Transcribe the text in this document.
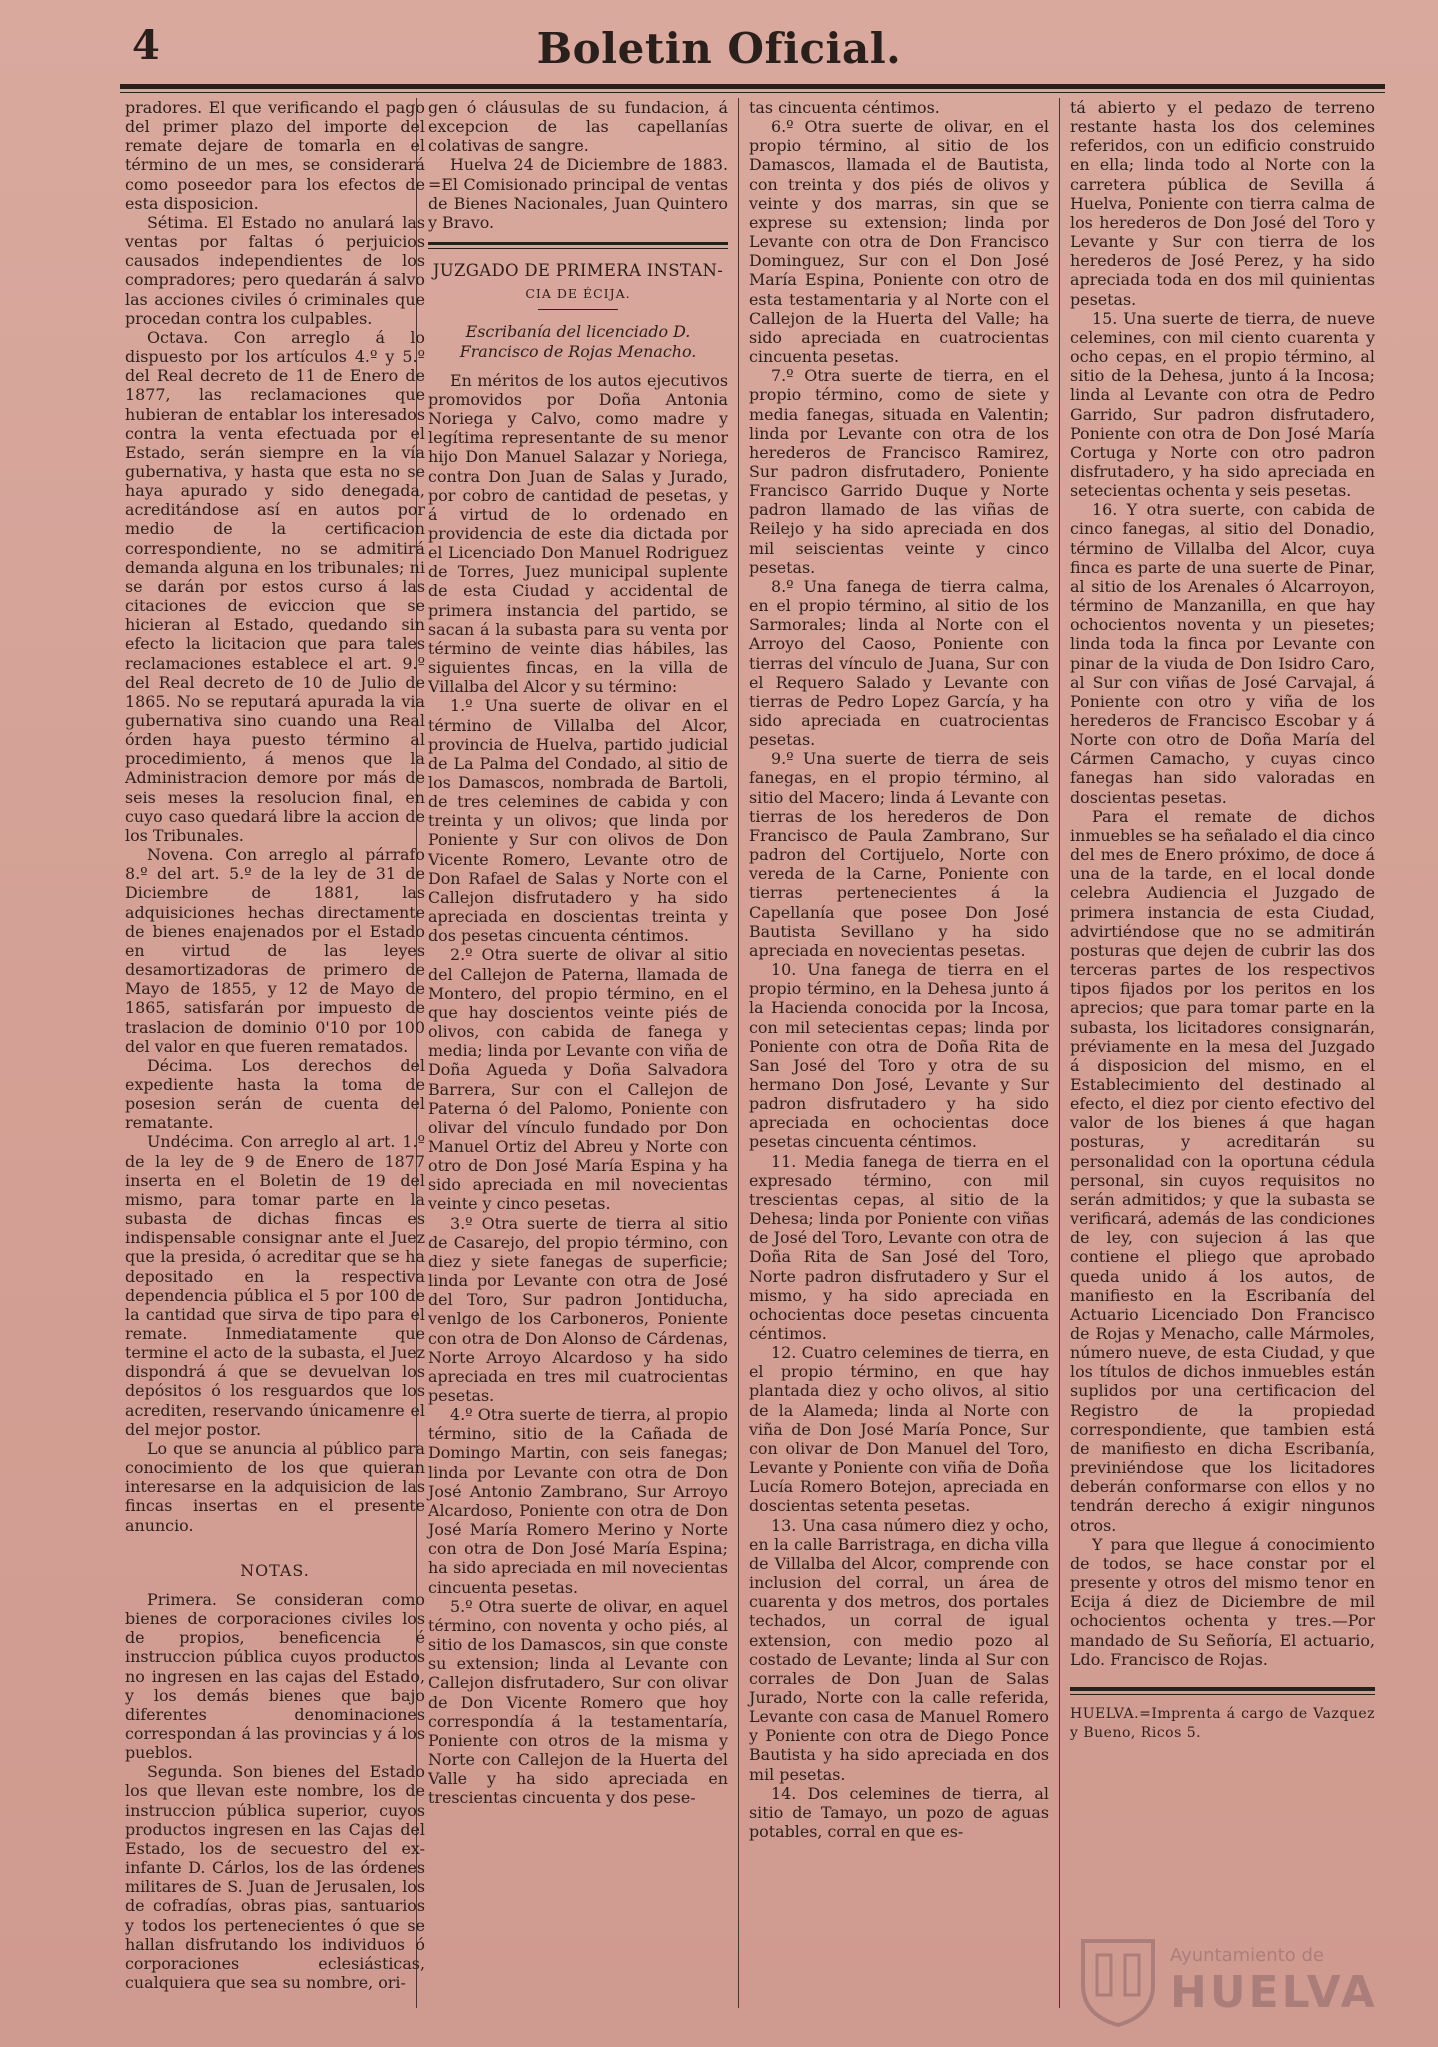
4	Boletin Oficial.

pradores. El que verificando el pago del primer plazo del importe del remate dejare de tomarla en el término de un mes, se considerará como poseedor para los efectos de esta disposicion.

Sétima. El Estado no anulará las ventas por faltas ó perjuicios causados independientes de los compradores; pero quedarán á salvo las acciones civiles ó criminales que procedan contra los culpables.

Octava. Con arreglo á lo dispuesto por los artículos 4.º y 5.º del Real decreto de 11 de Enero de 1877, las reclamaciones que hubieran de entablar los interesados contra la venta efectuada por el Estado, serán siempre en la vía gubernativa, y hasta que esta no se haya apurado y sido denegada, acreditándose así en autos por medio de la certificacion correspondiente, no se admitirá demanda alguna en los tribunales; ni se darán por estos curso á las citaciones de eviccion que se hicieran al Estado, quedando sin efecto la licitacion que para tales reclamaciones establece el art. 9.º del Real decreto de 10 de Julio de 1865. No se reputará apurada la via gubernativa sino cuando una Real órden haya puesto término al procedimiento, á menos que la Administracion demore por más de seis meses la resolucion final, en cuyo caso quedará libre la accion de los Tribunales.

Novena. Con arreglo al párrafo 8.º del art. 5.º de la ley de 31 de Diciembre de 1881, las adquisiciones hechas directamente de bienes enajenados por el Estado en virtud de las leyes desamortizadoras de primero de Mayo de 1855, y 12 de Mayo de 1865, satisfarán por impuesto de traslacion de dominio 0'10 por 100 del valor en que fueren rematados.

Décima. Los derechos del expediente hasta la toma de posesion serán de cuenta del rematante.

Undécima. Con arreglo al art. 1.º de la ley de 9 de Enero de 1877 inserta en el Boletin de 19 del mismo, para tomar parte en la subasta de dichas fincas es indispensable consignar ante el Juez que la presida, ó acreditar que se ha depositado en la respectiva dependencia pública el 5 por 100 de la cantidad que sirva de tipo para el remate. Inmediatamente que termine el acto de la subasta, el Juez dispondrá á que se devuelvan los depósitos ó los resguardos que los acrediten, reservando únicamenre el del mejor postor.

Lo que se anuncia al público para conocimiento de los que quieran interesarse en la adquisicion de las fincas insertas en el presente anuncio.

NOTAS.

Primera. Se consideran como bienes de corporaciones civiles los de propios, beneficencia é instruccion pública cuyos productos no ingresen en las cajas del Estado, y los demás bienes que bajo diferentes denominaciones correspondan á las provincias y á los pueblos.

Segunda. Son bienes del Estado los que llevan este nombre, los de instruccion pública superior, cuyos productos ingresen en las Cajas del Estado, los de secuestro del ex-infante D. Cárlos, los de las órdenes militares de S. Juan de Jerusalen, los de cofradías, obras pias, santuarios y todos los pertenecientes ó que se hallan disfrutando los individuos ó corporaciones eclesiásticas, cualquiera que sea su nombre, ori-

gen ó cláusulas de su fundacion, á excepcion de las capellanías colativas de sangre.

Huelva 24 de Diciembre de 1883. =El Comisionado principal de ventas de Bienes Nacionales, Juan Quintero y Bravo.

JUZGADO DE PRIMERA INSTAN-
CIA DE ÉCIJA.

Escribanía del licenciado D. Francisco de Rojas Menacho.

En méritos de los autos ejecutivos promovidos por Doña Antonia Noriega y Calvo, como madre y legítima representante de su menor hijo Don Manuel Salazar y Noriega, contra Don Juan de Salas y Jurado, por cobro de cantidad de pesetas, y á virtud de lo ordenado en providencia de este dia dictada por el Licenciado Don Manuel Rodriguez de Torres, Juez municipal suplente de esta Ciudad y accidental de primera instancia del partido, se sacan á la subasta para su venta por término de veinte dias hábiles, las siguientes fincas, en la villa de Villalba del Alcor y su término:

1.º Una suerte de olivar en el término de Villalba del Alcor, provincia de Huelva, partido judicial de La Palma del Condado, al sitio de los Damascos, nombrada de Bartoli, de tres celemines de cabida y con treinta y un olivos; que linda por Poniente y Sur con olivos de Don Vicente Romero, Levante otro de Don Rafael de Salas y Norte con el Callejon disfrutadero y ha sido apreciada en doscientas treinta y dos pesetas cincuenta céntimos.

2.º Otra suerte de olivar al sitio del Callejon de Paterna, llamada de Montero, del propio término, en el que hay doscientos veinte piés de olivos, con cabida de fanega y media; linda por Levante con viña de Doña Agueda y Doña Salvadora Barrera, Sur con el Callejon de Paterna ó del Palomo, Poniente con olivar del vínculo fundado por Don Manuel Ortiz del Abreu y Norte con otro de Don José María Espina y ha sido apreciada en mil novecientas veinte y cinco pesetas.

3.º Otra suerte de tierra al sitio de Casarejo, del propio término, con diez y siete fanegas de superficie; linda por Levante con otra de José del Toro, Sur padron Jontiducha, venlgo de los Carboneros, Poniente con otra de Don Alonso de Cárdenas, Norte Arroyo Alcardoso y ha sido apreciada en tres mil cuatrocientas pesetas.

4.º Otra suerte de tierra, al propio término, sitio de la Cañada de Domingo Martin, con seis fanegas; linda por Levante con otra de Don José Antonio Zambrano, Sur Arroyo Alcardoso, Poniente con otra de Don José María Romero Merino y Norte con otra de Don José María Espina; ha sido apreciada en mil novecientas cincuenta pesetas.

5.º Otra suerte de olivar, en aquel término, con noventa y ocho piés, al sitio de los Damascos, sin que conste su extension; linda al Levante con Callejon disfrutadero, Sur con olivar de Don Vicente Romero que hoy correspondía á la testamentaría, Poniente con otros de la misma y Norte con Callejon de la Huerta del Valle y ha sido apreciada en trescientas cincuenta y dos pese-

tas cincuenta céntimos.

6.º Otra suerte de olivar, en el propio término, al sitio de los Damascos, llamada el de Bautista, con treinta y dos piés de olivos y veinte y dos marras, sin que se exprese su extension; linda por Levante con otra de Don Francisco Dominguez, Sur con el Don José María Espina, Poniente con otro de esta testamentaria y al Norte con el Callejon de la Huerta del Valle; ha sido apreciada en cuatrocientas cincuenta pesetas.

7.º Otra suerte de tierra, en el propio término, como de siete y media fanegas, situada en Valentin; linda por Levante con otra de los herederos de Francisco Ramirez, Sur padron disfrutadero, Poniente Francisco Garrido Duque y Norte padron llamado de las viñas de Reilejo y ha sido apreciada en dos mil seiscientas veinte y cinco pesetas.

8.º Una fanega de tierra calma, en el propio término, al sitio de los Sarmorales; linda al Norte con el Arroyo del Caoso, Poniente con tierras del vínculo de Juana, Sur con el Requero Salado y Levante con tierras de Pedro Lopez García, y ha sido apreciada en cuatrocientas pesetas.

9.º Una suerte de tierra de seis fanegas, en el propio término, al sitio del Macero; linda á Levante con tierras de los herederos de Don Francisco de Paula Zambrano, Sur padron del Cortijuelo, Norte con vereda de la Carne, Poniente con tierras pertenecientes á la Capellanía que posee Don José Bautista Sevillano y ha sido apreciada en novecientas pesetas.

10. Una fanega de tierra en el propio término, en la Dehesa junto á la Hacienda conocida por la Incosa, con mil setecientas cepas; linda por Poniente con otra de Doña Rita de San José del Toro y otra de su hermano Don José, Levante y Sur padron disfrutadero y ha sido apreciada en ochocientas doce pesetas cincuenta céntimos.

11. Media fanega de tierra en el expresado término, con mil trescientas cepas, al sitio de la Dehesa; linda por Poniente con viñas de José del Toro, Levante con otra de Doña Rita de San José del Toro, Norte padron disfrutadero y Sur el mismo, y ha sido apreciada en ochocientas doce pesetas cincuenta céntimos.

12. Cuatro celemines de tierra, en el propio término, en que hay plantada diez y ocho olivos, al sitio de la Alameda; linda al Norte con viña de Don José María Ponce, Sur con olivar de Don Manuel del Toro, Levante y Poniente con viña de Doña Lucía Romero Botejon, apreciada en doscientas setenta pesetas.

13. Una casa número diez y ocho, en la calle Barristraga, en dicha villa de Villalba del Alcor, comprende con inclusion del corral, un área de cuarenta y dos metros, dos portales techados, un corral de igual extension, con medio pozo al costado de Levante; linda al Sur con corrales de Don Juan de Salas Jurado, Norte con la calle referida, Levante con casa de Manuel Romero y Poniente con otra de Diego Ponce Bautista y ha sido apreciada en dos mil pesetas.

14. Dos celemines de tierra, al sitio de Tamayo, un pozo de aguas potables, corral en que es-

tá abierto y el pedazo de terreno restante hasta los dos celemines referidos, con un edificio construido en ella; linda todo al Norte con la carretera pública de Sevilla á Huelva, Poniente con tierra calma de los herederos de Don José del Toro y Levante y Sur con tierra de los herederos de José Perez, y ha sido apreciada toda en dos mil quinientas pesetas.

15. Una suerte de tierra, de nueve celemines, con mil ciento cuarenta y ocho cepas, en el propio término, al sitio de la Dehesa, junto á la Incosa; linda al Levante con otra de Pedro Garrido, Sur padron disfrutadero, Poniente con otra de Don José María Cortuga y Norte con otro padron disfrutadero, y ha sido apreciada en setecientas ochenta y seis pesetas.

16. Y otra suerte, con cabida de cinco fanegas, al sitio del Donadio, término de Villalba del Alcor, cuya finca es parte de una suerte de Pinar, al sitio de los Arenales ó Alcarroyon, término de Manzanilla, en que hay ochocientos noventa y un piesetes; linda toda la finca por Levante con pinar de la viuda de Don Isidro Caro, al Sur con viñas de José Carvajal, á Poniente con otro y viña de los herederos de Francisco Escobar y á Norte con otro de Doña María del Cármen Camacho, y cuyas cinco fanegas han sido valoradas en doscientas pesetas.

Para el remate de dichos inmuebles se ha señalado el dia cinco del mes de Enero próximo, de doce á una de la tarde, en el local donde celebra Audiencia el Juzgado de primera instancia de esta Ciudad, advirtiéndose que no se admitirán posturas que dejen de cubrir las dos terceras partes de los respectivos tipos fijados por los peritos en los aprecios; que para tomar parte en la subasta, los licitadores consignarán, préviamente en la mesa del Juzgado á disposicion del mismo, en el Establecimiento del destinado al efecto, el diez por ciento efectivo del valor de los bienes á que hagan posturas, y acreditarán su personalidad con la oportuna cédula personal, sin cuyos requisitos no serán admitidos; y que la subasta se verificará, además de las condiciones de ley, con sujecion á las que contiene el pliego que aprobado queda unido á los autos, de manifiesto en la Escribanía del Actuario Licenciado Don Francisco de Rojas y Menacho, calle Mármoles, número nueve, de esta Ciudad, y que los títulos de dichos inmuebles están suplidos por una certificacion del Registro de la propiedad correspondiente, que tambien está de manifiesto en dicha Escribanía, previniéndose que los licitadores deberán conformarse con ellos y no tendrán derecho á exigir ningunos otros.

Y para que llegue á conocimiento de todos, se hace constar por el presente y otros del mismo tenor en Ecija á diez de Diciembre de mil ochocientos ochenta y tres.—Por mandado de Su Señoría, El actuario, Ldo. Francisco de Rojas.

HUELVA.=Imprenta á cargo de Vazquez y Bueno, Ricos 5.
Ayuntamiento de
HUELVA
